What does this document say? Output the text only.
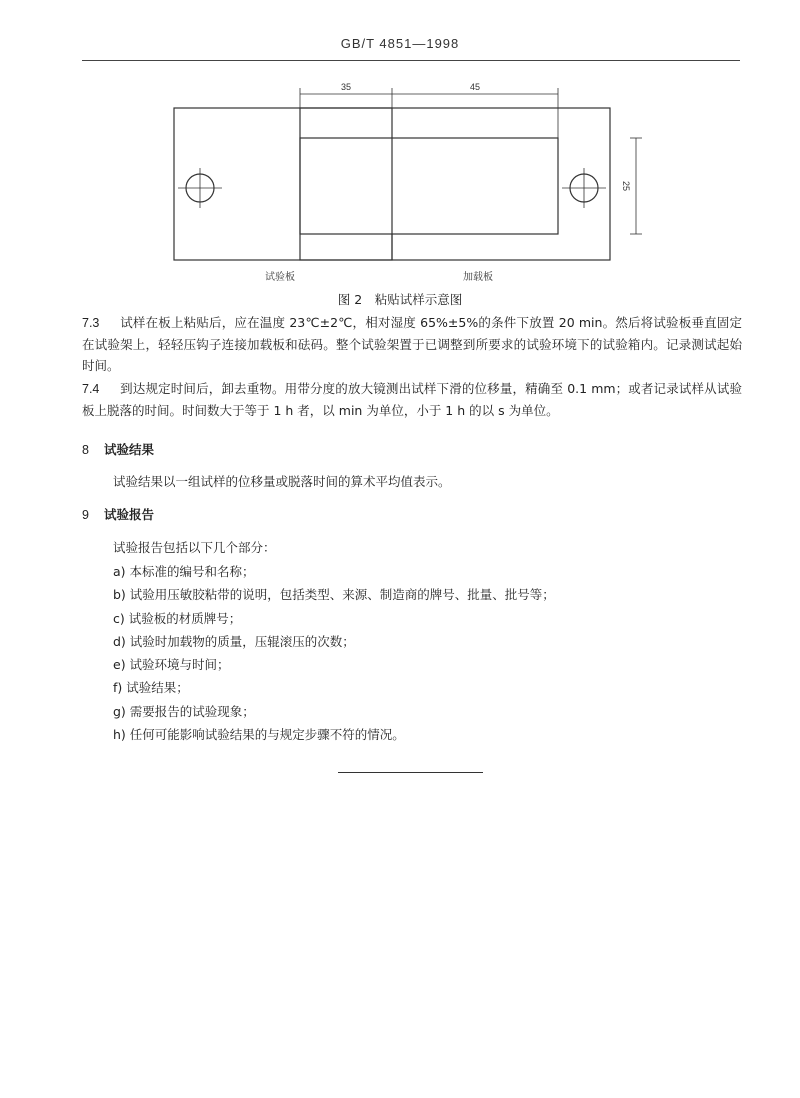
GB/T 4851—1998
35	45
25
试验板	加载板
图 2　粘贴试样示意图
7.3 试样在板上粘贴后，应在温度 23℃±2℃，相对湿度 65%±5%的条件下放置 20 min。然后将试验板垂直固定在试验架上，轻轻压钩子连接加载板和砝码。整个试验架置于已调整到所要求的试验环境下的试验箱内。记录测试起始时间。
7.4 到达规定时间后，卸去重物。用带分度的放大镜测出试样下滑的位移量，精确至 0.1 mm；或者记录试样从试验板上脱落的时间。时间数大于等于 1 h 者，以 min 为单位，小于 1 h 的以 s 为单位。
8 试验结果
试验结果以一组试样的位移量或脱落时间的算术平均值表示。
9 试验报告
试验报告包括以下几个部分：
a) 本标准的编号和名称；
b) 试验用压敏胶粘带的说明，包括类型、来源、制造商的牌号、批量、批号等；
c) 试验板的材质牌号；
d) 试验时加载物的质量，压辊滚压的次数；
e) 试验环境与时间；
f) 试验结果；
g) 需要报告的试验现象；
h) 任何可能影响试验结果的与规定步骤不符的情况。
